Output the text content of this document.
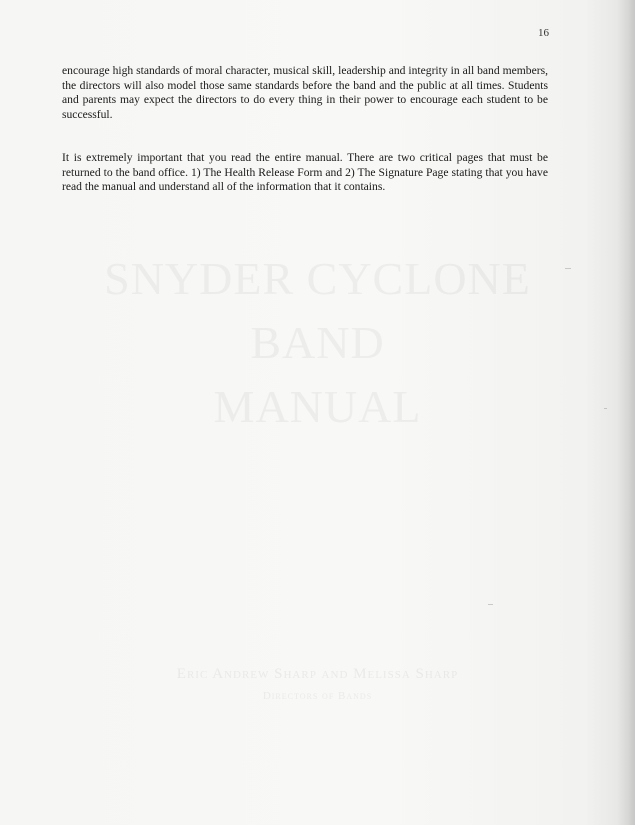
16
SNYDER CYCLONE
BAND
MANUAL
Eric Andrew Sharp and Melissa Sharp
Directors of Bands

encourage high standards of moral character, musical skill, leadership and integrity in all band members, the directors will also model those same standards before the band and the public at all times. Students and parents may expect the directors to do every thing in their power to encourage each student to be successful.

It is extremely important that you read the entire manual. There are two critical pages that must be returned to the band office. 1) The Health Release Form and 2) The Signature Page stating that you have read the manual and understand all of the information that it contains.
